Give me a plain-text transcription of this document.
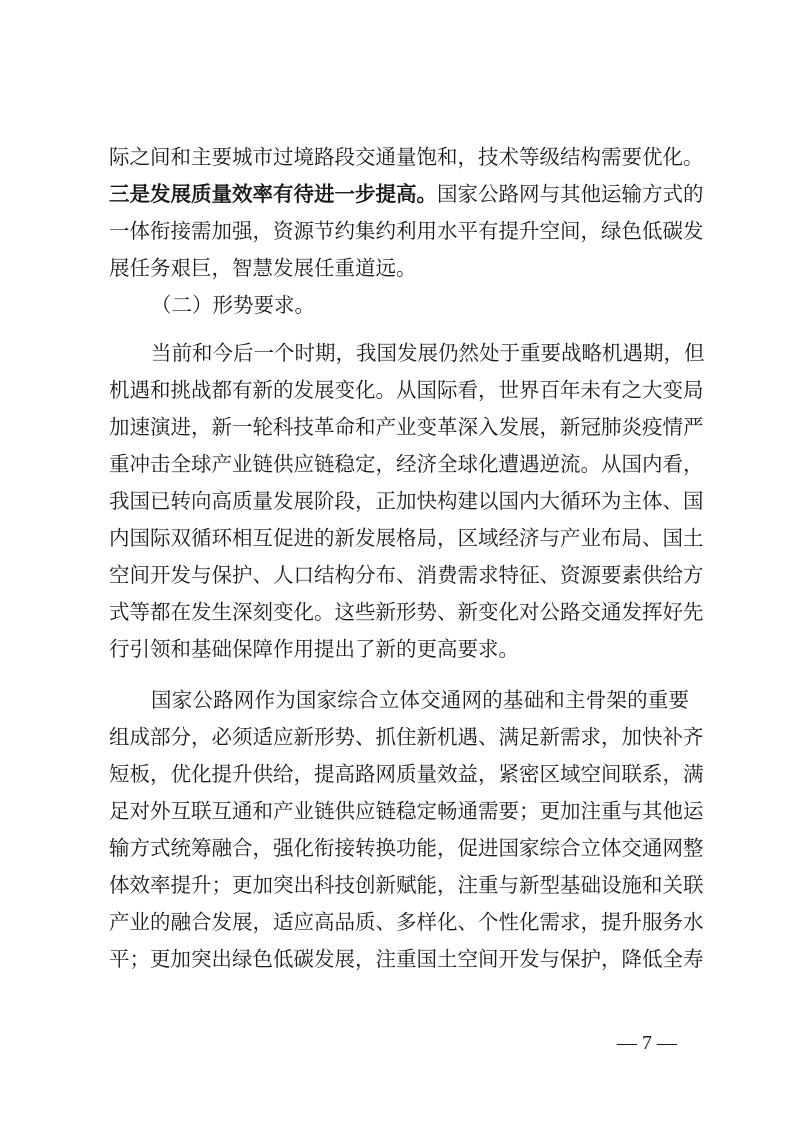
际之间和主要城市过境路段交通量饱和，技术等级结构需要优化。
三是发展质量效率有待进一步提高。国家公路网与其他运输方式的
一体衔接需加强，资源节约集约利用水平有提升空间，绿色低碳发
展任务艰巨，智慧发展任重道远。
（二）形势要求。
当前和今后一个时期，我国发展仍然处于重要战略机遇期，但
机遇和挑战都有新的发展变化。从国际看，世界百年未有之大变局
加速演进，新一轮科技革命和产业变革深入发展，新冠肺炎疫情严
重冲击全球产业链供应链稳定，经济全球化遭遇逆流。从国内看，
我国已转向高质量发展阶段，正加快构建以国内大循环为主体、国
内国际双循环相互促进的新发展格局，区域经济与产业布局、国土
空间开发与保护、人口结构分布、消费需求特征、资源要素供给方
式等都在发生深刻变化。这些新形势、新变化对公路交通发挥好先
行引领和基础保障作用提出了新的更高要求。
国家公路网作为国家综合立体交通网的基础和主骨架的重要
组成部分，必须适应新形势、抓住新机遇、满足新需求，加快补齐
短板，优化提升供给，提高路网质量效益，紧密区域空间联系，满
足对外互联互通和产业链供应链稳定畅通需要；更加注重与其他运
输方式统筹融合，强化衔接转换功能，促进国家综合立体交通网整
体效率提升；更加突出科技创新赋能，注重与新型基础设施和关联
产业的融合发展，适应高品质、多样化、个性化需求，提升服务水
平；更加突出绿色低碳发展，注重国土空间开发与保护，降低全寿
— 7 —
